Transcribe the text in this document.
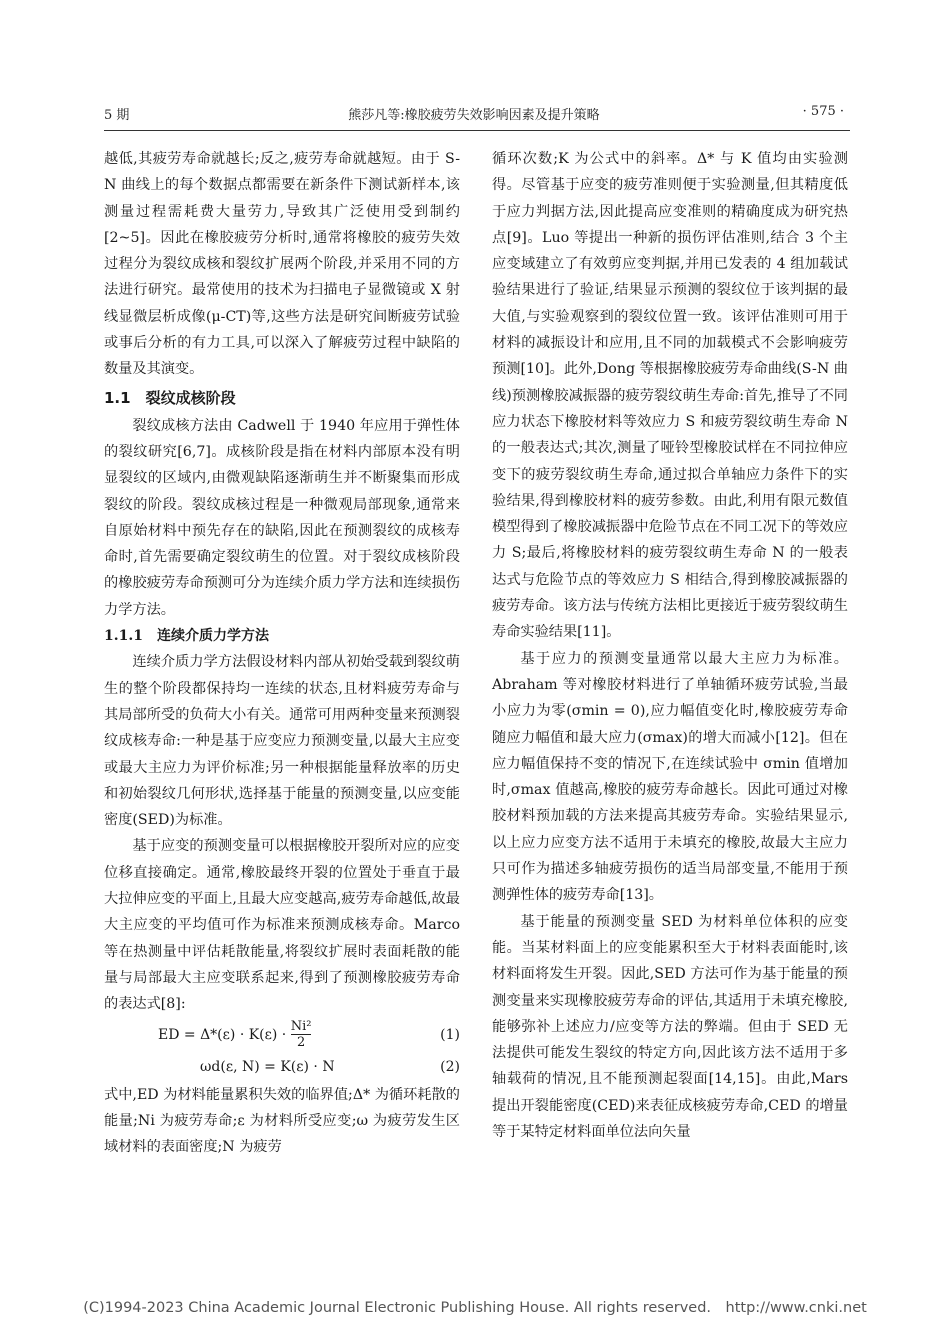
5 期	熊莎凡等:橡胶疲劳失效影响因素及提升策略	· 575 ·

越低,其疲劳寿命就越长;反之,疲劳寿命就越短。由于 S-N 曲线上的每个数据点都需要在新条件下测试新样本,该测量过程需耗费大量劳力,导致其广泛使用受到制约[2~5]。因此在橡胶疲劳分析时,通常将橡胶的疲劳失效过程分为裂纹成核和裂纹扩展两个阶段,并采用不同的方法进行研究。最常使用的技术为扫描电子显微镜或 X 射线显微层析成像(μ-CT)等,这些方法是研究间断疲劳试验或事后分析的有力工具,可以深入了解疲劳过程中缺陷的数量及其演变。

1.1　裂纹成核阶段

裂纹成核方法由 Cadwell 于 1940 年应用于弹性体的裂纹研究[6,7]。成核阶段是指在材料内部原本没有明显裂纹的区域内,由微观缺陷逐渐萌生并不断聚集而形成裂纹的阶段。裂纹成核过程是一种微观局部现象,通常来自原始材料中预先存在的缺陷,因此在预测裂纹的成核寿命时,首先需要确定裂纹萌生的位置。对于裂纹成核阶段的橡胶疲劳寿命预测可分为连续介质力学方法和连续损伤力学方法。

1.1.1　连续介质力学方法

连续介质力学方法假设材料内部从初始受载到裂纹萌生的整个阶段都保持均一连续的状态,且材料疲劳寿命与其局部所受的负荷大小有关。通常可用两种变量来预测裂纹成核寿命:一种是基于应变应力预测变量,以最大主应变或最大主应力为评价标准;另一种根据能量释放率的历史和初始裂纹几何形状,选择基于能量的预测变量,以应变能密度(SED)为标准。

基于应变的预测变量可以根据橡胶开裂所对应的应变位移直接确定。通常,橡胶最终开裂的位置处于垂直于最大拉伸应变的平面上,且最大应变越高,疲劳寿命越低,故最大主应变的平均值可作为标准来预测成核寿命。Marco 等在热测量中评估耗散能量,将裂纹扩展时表面耗散的能量与局部最大主应变联系起来,得到了预测橡胶疲劳寿命的表达式[8]:

ED = $\Delta*(\varepsilon) \cdot K(\varepsilon) \cdot \frac{\text{Ni²}}{2}$	(1)
ωd(ε, N) = K(ε) · N	(2)

式中,ED 为材料能量累积失效的临界值;Δ* 为循环耗散的能量;Ni 为疲劳寿命;ε 为材料所受应变;ω 为疲劳发生区域材料的表面密度;N 为疲劳

循环次数;K 为公式中的斜率。Δ* 与 K 值均由实验测得。尽管基于应变的疲劳准则便于实验测量,但其精度低于应力判据方法,因此提高应变准则的精确度成为研究热点[9]。Luo 等提出一种新的损伤评估准则,结合 3 个主应变域建立了有效剪应变判据,并用已发表的 4 组加载试验结果进行了验证,结果显示预测的裂纹位于该判据的最大值,与实验观察到的裂纹位置一致。该评估准则可用于材料的减振设计和应用,且不同的加载模式不会影响疲劳预测[10]。此外,Dong 等根据橡胶疲劳寿命曲线(S-N 曲线)预测橡胶减振器的疲劳裂纹萌生寿命:首先,推导了不同应力状态下橡胶材料等效应力 S 和疲劳裂纹萌生寿命 N 的一般表达式;其次,测量了哑铃型橡胶试样在不同拉伸应变下的疲劳裂纹萌生寿命,通过拟合单轴应力条件下的实验结果,得到橡胶材料的疲劳参数。由此,利用有限元数值模型得到了橡胶减振器中危险节点在不同工况下的等效应力 S;最后,将橡胶材料的疲劳裂纹萌生寿命 N 的一般表达式与危险节点的等效应力 S 相结合,得到橡胶减振器的疲劳寿命。该方法与传统方法相比更接近于疲劳裂纹萌生寿命实验结果[11]。

基于应力的预测变量通常以最大主应力为标准。Abraham 等对橡胶材料进行了单轴循环疲劳试验,当最小应力为零(σmin = 0),应力幅值变化时,橡胶疲劳寿命随应力幅值和最大应力(σmax)的增大而减小[12]。但在应力幅值保持不变的情况下,在连续试验中 σmin 值增加时,σmax 值越高,橡胶的疲劳寿命越长。因此可通过对橡胶材料预加载的方法来提高其疲劳寿命。实验结果显示,以上应力应变方法不适用于未填充的橡胶,故最大主应力只可作为描述多轴疲劳损伤的适当局部变量,不能用于预测弹性体的疲劳寿命[13]。

基于能量的预测变量 SED 为材料单位体积的应变能。当某材料面上的应变能累积至大于材料表面能时,该材料面将发生开裂。因此,SED 方法可作为基于能量的预测变量来实现橡胶疲劳寿命的评估,其适用于未填充橡胶,能够弥补上述应力/应变等方法的弊端。但由于 SED 无法提供可能发生裂纹的特定方向,因此该方法不适用于多轴载荷的情况,且不能预测起裂面[14,15]。由此,Mars 提出开裂能密度(CED)来表征成核疲劳寿命,CED 的增量等于某特定材料面单位法向矢量

(C)1994-2023 China Academic Journal Electronic Publishing House. All rights reserved.　http://www.cnki.net
